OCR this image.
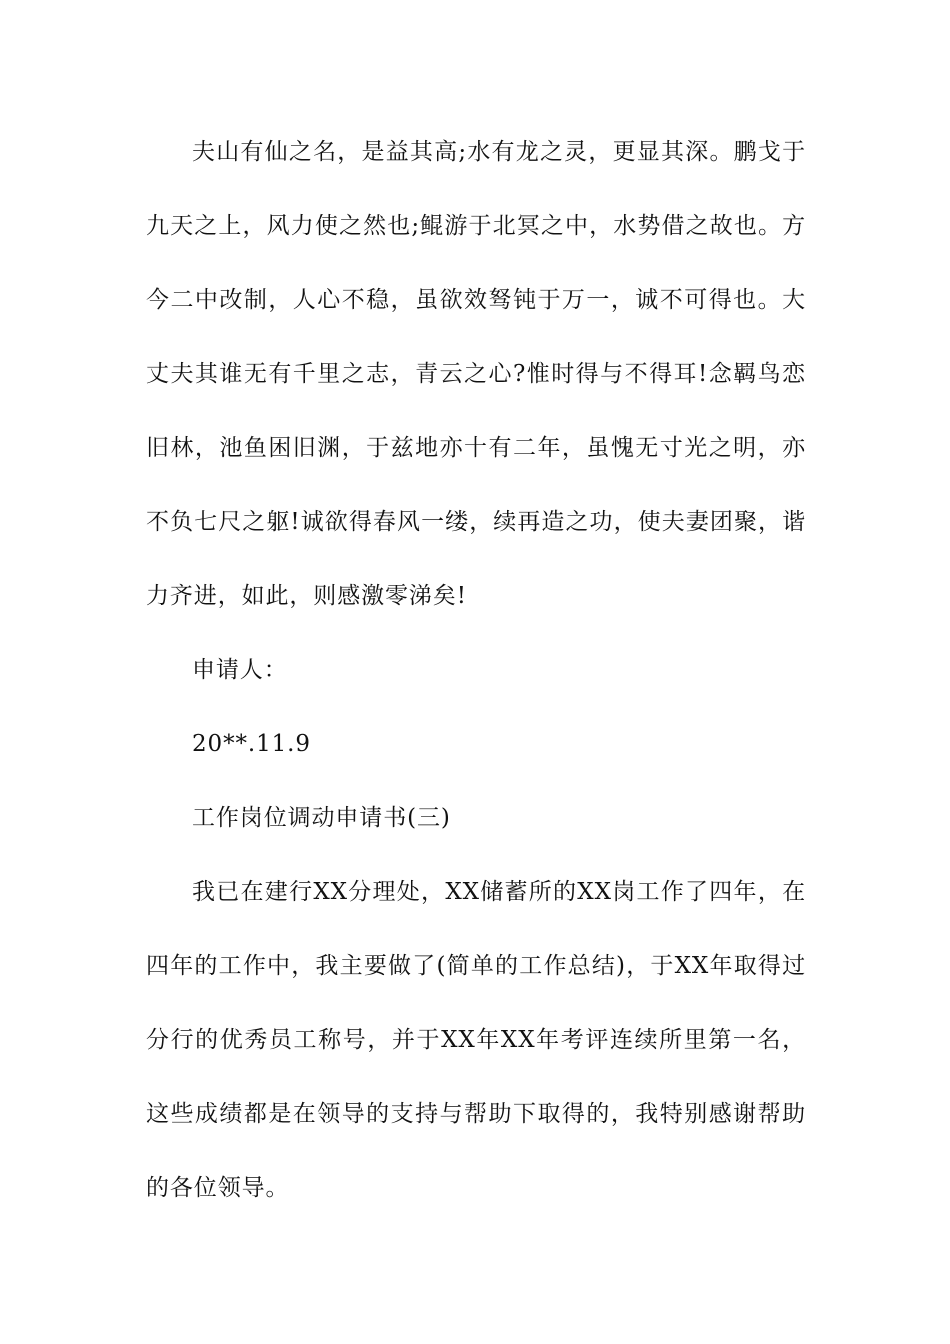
夫山有仙之名，是益其高;水有龙之灵，更显其深。鹏戈于
九天之上，风力使之然也;鲲游于北冥之中，水势借之故也。方
今二中改制，人心不稳，虽欲效驽钝于万一，诚不可得也。大
丈夫其谁无有千里之志，青云之心?惟时得与不得耳!念羁鸟恋
旧林，池鱼困旧渊，于兹地亦十有二年，虽愧无寸光之明，亦
不负七尺之躯!诚欲得春风一缕，续再造之功，使夫妻团聚，谐
力齐进，如此，则感激零涕矣!
申请人：
20**.11.9
工作岗位调动申请书(三)
我已在建行XX分理处，XX储蓄所的XX岗工作了四年，在
四年的工作中，我主要做了(简单的工作总结)，于XX年取得过
分行的优秀员工称号，并于XX年XX年考评连续所里第一名，
这些成绩都是在领导的支持与帮助下取得的，我特别感谢帮助
的各位领导。
